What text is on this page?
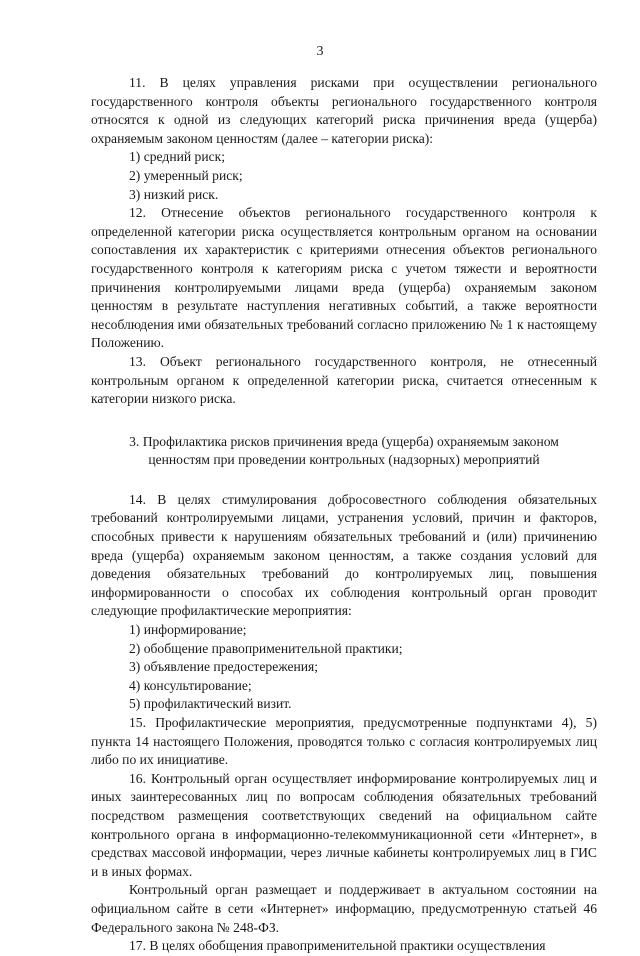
3

11. В целях управления рисками при осуществлении регионального государственного контроля объекты регионального государственного контроля относятся к одной из следующих категорий риска причинения вреда (ущерба) охраняемым законом ценностям (далее – категории риска):

1) средний риск;

2) умеренный риск;

3) низкий риск.

12. Отнесение объектов регионального государственного контроля к определенной категории риска осуществляется контрольным органом на основании сопоставления их характеристик с критериями отнесения объектов регионального государственного контроля к категориям риска с учетом тяжести и вероятности причинения контролируемыми лицами вреда (ущерба) охраняемым законом ценностям в результате наступления негативных событий, а также вероятности несоблюдения ими обязательных требований согласно приложению № 1 к настоящему Положению.

13. Объект регионального государственного контроля, не отнесенный контрольным органом к определенной категории риска, считается отнесенным к категории низкого риска.

3. Профилактика рисков причинения вреда (ущерба) охраняемым законом
ценностям при проведении контрольных (надзорных) мероприятий

14. В целях стимулирования добросовестного соблюдения обязательных требований контролируемыми лицами, устранения условий, причин и факторов, способных привести к нарушениям обязательных требований и (или) причинению вреда (ущерба) охраняемым законом ценностям, а также создания условий для доведения обязательных требований до контролируемых лиц, повышения информированности о способах их соблюдения контрольный орган проводит следующие профилактические мероприятия:

1) информирование;

2) обобщение правоприменительной практики;

3) объявление предостережения;

4) консультирование;

5) профилактический визит.

15. Профилактические мероприятия, предусмотренные подпунктами 4), 5) пункта 14 настоящего Положения, проводятся только с согласия контролируемых лиц либо по их инициативе.

16. Контрольный орган осуществляет информирование контролируемых лиц и иных заинтересованных лиц по вопросам соблюдения обязательных требований посредством размещения соответствующих сведений на официальном сайте контрольного органа в информационно-телекоммуникационной сети «Интернет», в средствах массовой информации, через личные кабинеты контролируемых лиц в ГИС и в иных формах.

Контрольный орган размещает и поддерживает в актуальном состоянии на официальном сайте в сети «Интернет» информацию, предусмотренную статьей 46 Федерального закона № 248-ФЗ.

17. В целях обобщения правоприменительной практики осуществления
